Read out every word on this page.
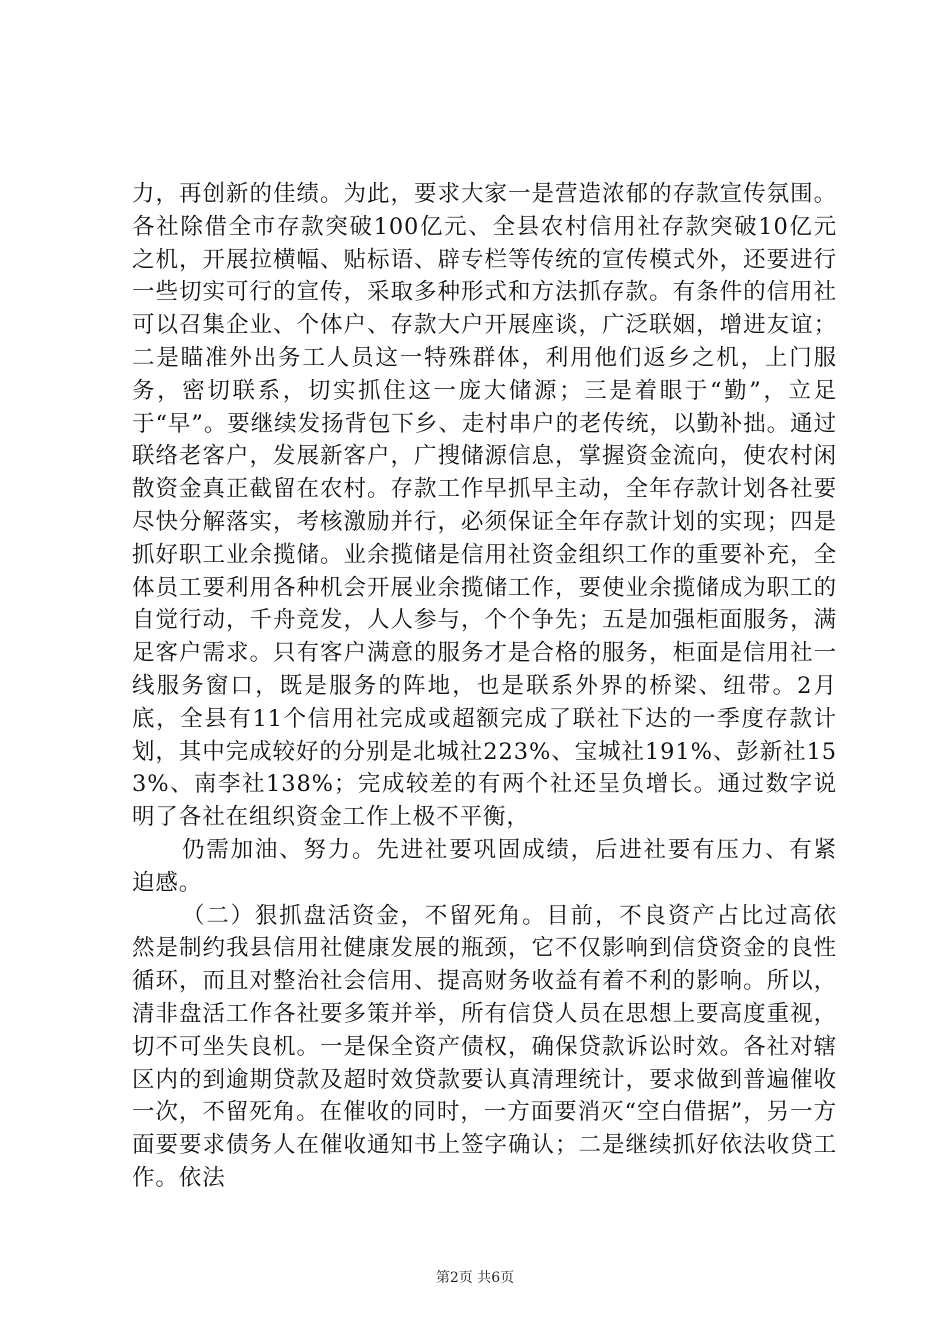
力，再创新的佳绩。为此，要求大家一是营造浓郁的存款宣传氛围。各社除借全市存款突破100亿元、全县农村信用社存款突破10亿元之机，开展拉横幅、贴标语、辟专栏等传统的宣传模式外，还要进行一些切实可行的宣传，采取多种形式和方法抓存款。有条件的信用社可以召集企业、个体户、存款大户开展座谈，广泛联姻，增进友谊；二是瞄准外出务工人员这一特殊群体，利用他们返乡之机，上门服务，密切联系，切实抓住这一庞大储源；三是着眼于“勤”，立足于“早”。要继续发扬背包下乡、走村串户的老传统，以勤补拙。通过联络老客户，发展新客户，广搜储源信息，掌握资金流向，使农村闲散资金真正截留在农村。存款工作早抓早主动，全年存款计划各社要尽快分解落实，考核激励并行，必须保证全年存款计划的实现；四是抓好职工业余揽储。业余揽储是信用社资金组织工作的重要补充，全体员工要利用各种机会开展业余揽储工作，要使业余揽储成为职工的自觉行动，千舟竞发，人人参与，个个争先；五是加强柜面服务，满足客户需求。只有客户满意的服务才是合格的服务，柜面是信用社一线服务窗口，既是服务的阵地，也是联系外界的桥梁、纽带。2月底，全县有11个信用社完成或超额完成了联社下达的一季度存款计划，其中完成较好的分别是北城社223%、宝城社191%、彭新社153%、南李社138%；完成较差的有两个社还呈负增长。通过数字说明了各社在组织资金工作上极不平衡，

仍需加油、努力。先进社要巩固成绩，后进社要有压力、有紧迫感。

（二）狠抓盘活资金，不留死角。目前，不良资产占比过高依然是制约我县信用社健康发展的瓶颈，它不仅影响到信贷资金的良性循环，而且对整治社会信用、提高财务收益有着不利的影响。所以，清非盘活工作各社要多策并举，所有信贷人员在思想上要高度重视，切不可坐失良机。一是保全资产债权，确保贷款诉讼时效。各社对辖区内的到逾期贷款及超时效贷款要认真清理统计，要求做到普遍催收一次，不留死角。在催收的同时，一方面要消灭“空白借据”，另一方面要要求债务人在催收通知书上签字确认；二是继续抓好依法收贷工作。依法

第2页 共6页
